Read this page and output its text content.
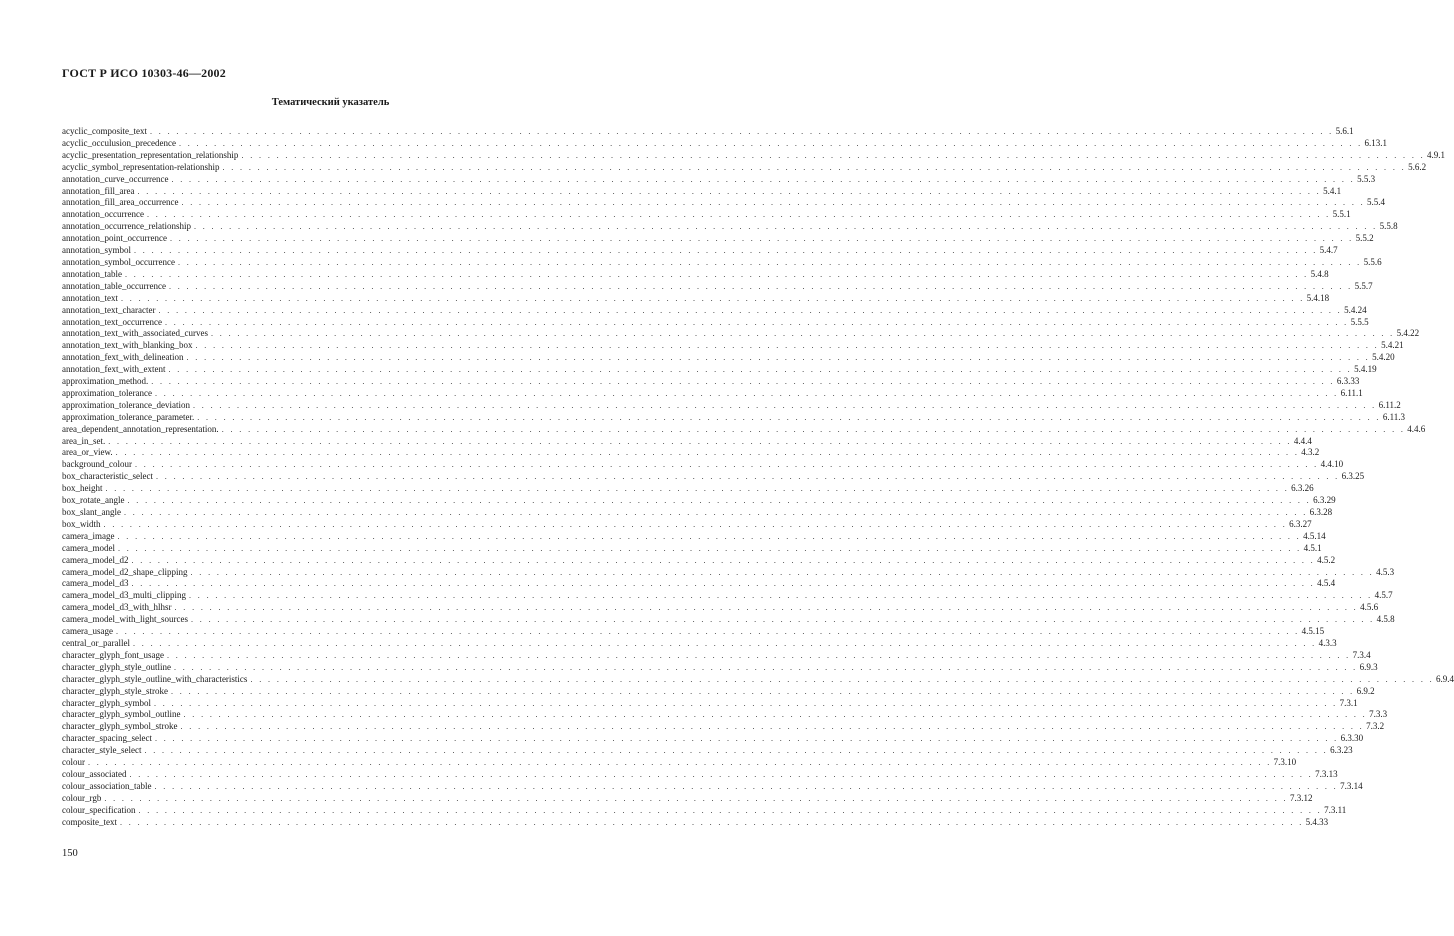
ГОСТ Р ИСО 10303-46—2002
Тематический указатель
acyclic_composite_text . . . . . . . . . . . . . . . . . . . . . . . . . . . . . . . . . . . . . . . . . . . . . . . . . . . . . . . . . . . . . . . . . . . . . . . . . . . . . . . . . . . . . . . . . . . . . . . . . . . . . . . . . . . . . . . . . . . . . . . . . . . . . . . . . . . . . . . 5.6.1
acyclic_occulusion_precedence . . . . . . . . . . . . . . . . . . . . . . . . . . . . . . . . . . . . . . . . . . . . . . . . . . . . . . . . . . . . . . . . . . . . . . . . . . . . . . . . . . . . . . . . . . . . . . . . . . . . . . . . . . . . . . . . . . . . . . . . . . . . . . . . . . . . . . . 6.13.1
acyclic_presentation_representation_relationship . . . . . . . . . . . . . . . . . . . . . . . . . . . . . . . . . . . . . . . . . . . . . . . . . . . . . . . . . . . . . . . . . . . . . . . . . . . . . . . . . . . . . . . . . . . . . . . . . . . . . . . . . . . . . . . . . . . . . . . . . . . . . . . . . . . . . . . 4.9.1
acyclic_symbol_representation-relationship . . . . . . . . . . . . . . . . . . . . . . . . . . . . . . . . . . . . . . . . . . . . . . . . . . . . . . . . . . . . . . . . . . . . . . . . . . . . . . . . . . . . . . . . . . . . . . . . . . . . . . . . . . . . . . . . . . . . . . . . . . . . . . . . . . . . . . . 5.6.2
annotation_curve_occurrence . . . . . . . . . . . . . . . . . . . . . . . . . . . . . . . . . . . . . . . . . . . . . . . . . . . . . . . . . . . . . . . . . . . . . . . . . . . . . . . . . . . . . . . . . . . . . . . . . . . . . . . . . . . . . . . . . . . . . . . . . . . . . . . . . . . . . . . 5.5.3
annotation_fill_area . . . . . . . . . . . . . . . . . . . . . . . . . . . . . . . . . . . . . . . . . . . . . . . . . . . . . . . . . . . . . . . . . . . . . . . . . . . . . . . . . . . . . . . . . . . . . . . . . . . . . . . . . . . . . . . . . . . . . . . . . . . . . . . . . . . . . . . 5.4.1
annotation_fill_area_occurrence . . . . . . . . . . . . . . . . . . . . . . . . . . . . . . . . . . . . . . . . . . . . . . . . . . . . . . . . . . . . . . . . . . . . . . . . . . . . . . . . . . . . . . . . . . . . . . . . . . . . . . . . . . . . . . . . . . . . . . . . . . . . . . . . . . . . . . . 5.5.4
annotation_occurrence . . . . . . . . . . . . . . . . . . . . . . . . . . . . . . . . . . . . . . . . . . . . . . . . . . . . . . . . . . . . . . . . . . . . . . . . . . . . . . . . . . . . . . . . . . . . . . . . . . . . . . . . . . . . . . . . . . . . . . . . . . . . . . . . . . . . . . . 5.5.1
annotation_occurrence_relationship . . . . . . . . . . . . . . . . . . . . . . . . . . . . . . . . . . . . . . . . . . . . . . . . . . . . . . . . . . . . . . . . . . . . . . . . . . . . . . . . . . . . . . . . . . . . . . . . . . . . . . . . . . . . . . . . . . . . . . . . . . . . . . . . . . . . . . . 5.5.8
annotation_point_occurrence . . . . . . . . . . . . . . . . . . . . . . . . . . . . . . . . . . . . . . . . . . . . . . . . . . . . . . . . . . . . . . . . . . . . . . . . . . . . . . . . . . . . . . . . . . . . . . . . . . . . . . . . . . . . . . . . . . . . . . . . . . . . . . . . . . . . . . . 5.5.2
annotation_symbol . . . . . . . . . . . . . . . . . . . . . . . . . . . . . . . . . . . . . . . . . . . . . . . . . . . . . . . . . . . . . . . . . . . . . . . . . . . . . . . . . . . . . . . . . . . . . . . . . . . . . . . . . . . . . . . . . . . . . . . . . . . . . . . . . . . . . . . 5.4.7
annotation_symbol_occurrence . . . . . . . . . . . . . . . . . . . . . . . . . . . . . . . . . . . . . . . . . . . . . . . . . . . . . . . . . . . . . . . . . . . . . . . . . . . . . . . . . . . . . . . . . . . . . . . . . . . . . . . . . . . . . . . . . . . . . . . . . . . . . . . . . . . . . . . 5.5.6
annotation_table . . . . . . . . . . . . . . . . . . . . . . . . . . . . . . . . . . . . . . . . . . . . . . . . . . . . . . . . . . . . . . . . . . . . . . . . . . . . . . . . . . . . . . . . . . . . . . . . . . . . . . . . . . . . . . . . . . . . . . . . . . . . . . . . . . . . . . . 5.4.8
annotation_table_occurrence . . . . . . . . . . . . . . . . . . . . . . . . . . . . . . . . . . . . . . . . . . . . . . . . . . . . . . . . . . . . . . . . . . . . . . . . . . . . . . . . . . . . . . . . . . . . . . . . . . . . . . . . . . . . . . . . . . . . . . . . . . . . . . . . . . . . . . . 5.5.7
annotation_text . . . . . . . . . . . . . . . . . . . . . . . . . . . . . . . . . . . . . . . . . . . . . . . . . . . . . . . . . . . . . . . . . . . . . . . . . . . . . . . . . . . . . . . . . . . . . . . . . . . . . . . . . . . . . . . . . . . . . . . . . . . . . . . . . . . . . . . 5.4.18
annotation_text_character . . . . . . . . . . . . . . . . . . . . . . . . . . . . . . . . . . . . . . . . . . . . . . . . . . . . . . . . . . . . . . . . . . . . . . . . . . . . . . . . . . . . . . . . . . . . . . . . . . . . . . . . . . . . . . . . . . . . . . . . . . . . . . . . . . . . . . . 5.4.24
annotation_text_occurrence . . . . . . . . . . . . . . . . . . . . . . . . . . . . . . . . . . . . . . . . . . . . . . . . . . . . . . . . . . . . . . . . . . . . . . . . . . . . . . . . . . . . . . . . . . . . . . . . . . . . . . . . . . . . . . . . . . . . . . . . . . . . . . . . . . . . . . . 5.5.5
annotation_text_with_associated_curves . . . . . . . . . . . . . . . . . . . . . . . . . . . . . . . . . . . . . . . . . . . . . . . . . . . . . . . . . . . . . . . . . . . . . . . . . . . . . . . . . . . . . . . . . . . . . . . . . . . . . . . . . . . . . . . . . . . . . . . . . . . . . . . . . . . . . . . 5.4.22
annotation_text_with_blanking_box . . . . . . . . . . . . . . . . . . . . . . . . . . . . . . . . . . . . . . . . . . . . . . . . . . . . . . . . . . . . . . . . . . . . . . . . . . . . . . . . . . . . . . . . . . . . . . . . . . . . . . . . . . . . . . . . . . . . . . . . . . . . . . . . . . . . . . . 5.4.21
annotation_fext_with_delineation . . . . . . . . . . . . . . . . . . . . . . . . . . . . . . . . . . . . . . . . . . . . . . . . . . . . . . . . . . . . . . . . . . . . . . . . . . . . . . . . . . . . . . . . . . . . . . . . . . . . . . . . . . . . . . . . . . . . . . . . . . . . . . . . . . . . . . . 5.4.20
annotation_fext_with_extent . . . . . . . . . . . . . . . . . . . . . . . . . . . . . . . . . . . . . . . . . . . . . . . . . . . . . . . . . . . . . . . . . . . . . . . . . . . . . . . . . . . . . . . . . . . . . . . . . . . . . . . . . . . . . . . . . . . . . . . . . . . . . . . . . . . . . . . 5.4.19
approximation_method. . . . . . . . . . . . . . . . . . . . . . . . . . . . . . . . . . . . . . . . . . . . . . . . . . . . . . . . . . . . . . . . . . . . . . . . . . . . . . . . . . . . . . . . . . . . . . . . . . . . . . . . . . . . . . . . . . . . . . . . . . . . . . . . . . . . . . . . 6.3.33
approximation_tolerance . . . . . . . . . . . . . . . . . . . . . . . . . . . . . . . . . . . . . . . . . . . . . . . . . . . . . . . . . . . . . . . . . . . . . . . . . . . . . . . . . . . . . . . . . . . . . . . . . . . . . . . . . . . . . . . . . . . . . . . . . . . . . . . . . . . . . . . 6.11.1
approximation_tolerance_deviation . . . . . . . . . . . . . . . . . . . . . . . . . . . . . . . . . . . . . . . . . . . . . . . . . . . . . . . . . . . . . . . . . . . . . . . . . . . . . . . . . . . . . . . . . . . . . . . . . . . . . . . . . . . . . . . . . . . . . . . . . . . . . . . . . . . . . . . 6.11.2
approximation_tolerance_parameter. . . . . . . . . . . . . . . . . . . . . . . . . . . . . . . . . . . . . . . . . . . . . . . . . . . . . . . . . . . . . . . . . . . . . . . . . . . . . . . . . . . . . . . . . . . . . . . . . . . . . . . . . . . . . . . . . . . . . . . . . . . . . . . . . . . . . . . . 6.11.3
area_dependent_annotation_representation. . . . . . . . . . . . . . . . . . . . . . . . . . . . . . . . . . . . . . . . . . . . . . . . . . . . . . . . . . . . . . . . . . . . . . . . . . . . . . . . . . . . . . . . . . . . . . . . . . . . . . . . . . . . . . . . . . . . . . . . . . . . . . . . . . . . . . . . 4.4.6
area_in_set. . . . . . . . . . . . . . . . . . . . . . . . . . . . . . . . . . . . . . . . . . . . . . . . . . . . . . . . . . . . . . . . . . . . . . . . . . . . . . . . . . . . . . . . . . . . . . . . . . . . . . . . . . . . . . . . . . . . . . . . . . . . . . . . . . . . . . . . 4.4.4
area_or_view. . . . . . . . . . . . . . . . . . . . . . . . . . . . . . . . . . . . . . . . . . . . . . . . . . . . . . . . . . . . . . . . . . . . . . . . . . . . . . . . . . . . . . . . . . . . . . . . . . . . . . . . . . . . . . . . . . . . . . . . . . . . . . . . . . . . . . . . 4.3.2
background_colour . . . . . . . . . . . . . . . . . . . . . . . . . . . . . . . . . . . . . . . . . . . . . . . . . . . . . . . . . . . . . . . . . . . . . . . . . . . . . . . . . . . . . . . . . . . . . . . . . . . . . . . . . . . . . . . . . . . . . . . . . . . . . . . . . . . . . . . 4.4.10
box_characteristic_select . . . . . . . . . . . . . . . . . . . . . . . . . . . . . . . . . . . . . . . . . . . . . . . . . . . . . . . . . . . . . . . . . . . . . . . . . . . . . . . . . . . . . . . . . . . . . . . . . . . . . . . . . . . . . . . . . . . . . . . . . . . . . . . . . . . . . . . 6.3.25
box_height . . . . . . . . . . . . . . . . . . . . . . . . . . . . . . . . . . . . . . . . . . . . . . . . . . . . . . . . . . . . . . . . . . . . . . . . . . . . . . . . . . . . . . . . . . . . . . . . . . . . . . . . . . . . . . . . . . . . . . . . . . . . . . . . . . . . . . . 6.3.26
box_rotate_angle . . . . . . . . . . . . . . . . . . . . . . . . . . . . . . . . . . . . . . . . . . . . . . . . . . . . . . . . . . . . . . . . . . . . . . . . . . . . . . . . . . . . . . . . . . . . . . . . . . . . . . . . . . . . . . . . . . . . . . . . . . . . . . . . . . . . . . . 6.3.29
box_slant_angle . . . . . . . . . . . . . . . . . . . . . . . . . . . . . . . . . . . . . . . . . . . . . . . . . . . . . . . . . . . . . . . . . . . . . . . . . . . . . . . . . . . . . . . . . . . . . . . . . . . . . . . . . . . . . . . . . . . . . . . . . . . . . . . . . . . . . . . 6.3.28
box_width . . . . . . . . . . . . . . . . . . . . . . . . . . . . . . . . . . . . . . . . . . . . . . . . . . . . . . . . . . . . . . . . . . . . . . . . . . . . . . . . . . . . . . . . . . . . . . . . . . . . . . . . . . . . . . . . . . . . . . . . . . . . . . . . . . . . . . . 6.3.27
camera_image . . . . . . . . . . . . . . . . . . . . . . . . . . . . . . . . . . . . . . . . . . . . . . . . . . . . . . . . . . . . . . . . . . . . . . . . . . . . . . . . . . . . . . . . . . . . . . . . . . . . . . . . . . . . . . . . . . . . . . . . . . . . . . . . . . . . . . . 4.5.14
camera_model . . . . . . . . . . . . . . . . . . . . . . . . . . . . . . . . . . . . . . . . . . . . . . . . . . . . . . . . . . . . . . . . . . . . . . . . . . . . . . . . . . . . . . . . . . . . . . . . . . . . . . . . . . . . . . . . . . . . . . . . . . . . . . . . . . . . . . . 4.5.1
camera_model_d2 . . . . . . . . . . . . . . . . . . . . . . . . . . . . . . . . . . . . . . . . . . . . . . . . . . . . . . . . . . . . . . . . . . . . . . . . . . . . . . . . . . . . . . . . . . . . . . . . . . . . . . . . . . . . . . . . . . . . . . . . . . . . . . . . . . . . . . . 4.5.2
camera_model_d2_shape_clipping . . . . . . . . . . . . . . . . . . . . . . . . . . . . . . . . . . . . . . . . . . . . . . . . . . . . . . . . . . . . . . . . . . . . . . . . . . . . . . . . . . . . . . . . . . . . . . . . . . . . . . . . . . . . . . . . . . . . . . . . . . . . . . . . . . . . . . . 4.5.3
camera_model_d3 . . . . . . . . . . . . . . . . . . . . . . . . . . . . . . . . . . . . . . . . . . . . . . . . . . . . . . . . . . . . . . . . . . . . . . . . . . . . . . . . . . . . . . . . . . . . . . . . . . . . . . . . . . . . . . . . . . . . . . . . . . . . . . . . . . . . . . . 4.5.4
camera_model_d3_multi_clipping . . . . . . . . . . . . . . . . . . . . . . . . . . . . . . . . . . . . . . . . . . . . . . . . . . . . . . . . . . . . . . . . . . . . . . . . . . . . . . . . . . . . . . . . . . . . . . . . . . . . . . . . . . . . . . . . . . . . . . . . . . . . . . . . . . . . . . . 4.5.7
camera_model_d3_with_hlhsr . . . . . . . . . . . . . . . . . . . . . . . . . . . . . . . . . . . . . . . . . . . . . . . . . . . . . . . . . . . . . . . . . . . . . . . . . . . . . . . . . . . . . . . . . . . . . . . . . . . . . . . . . . . . . . . . . . . . . . . . . . . . . . . . . . . . . . . 4.5.6
camera_model_with_light_sources . . . . . . . . . . . . . . . . . . . . . . . . . . . . . . . . . . . . . . . . . . . . . . . . . . . . . . . . . . . . . . . . . . . . . . . . . . . . . . . . . . . . . . . . . . . . . . . . . . . . . . . . . . . . . . . . . . . . . . . . . . . . . . . . . . . . . . . 4.5.8
camera_usage . . . . . . . . . . . . . . . . . . . . . . . . . . . . . . . . . . . . . . . . . . . . . . . . . . . . . . . . . . . . . . . . . . . . . . . . . . . . . . . . . . . . . . . . . . . . . . . . . . . . . . . . . . . . . . . . . . . . . . . . . . . . . . . . . . . . . . . 4.5.15
central_or_parallel . . . . . . . . . . . . . . . . . . . . . . . . . . . . . . . . . . . . . . . . . . . . . . . . . . . . . . . . . . . . . . . . . . . . . . . . . . . . . . . . . . . . . . . . . . . . . . . . . . . . . . . . . . . . . . . . . . . . . . . . . . . . . . . . . . . . . . . 4.3.3
character_glyph_font_usage . . . . . . . . . . . . . . . . . . . . . . . . . . . . . . . . . . . . . . . . . . . . . . . . . . . . . . . . . . . . . . . . . . . . . . . . . . . . . . . . . . . . . . . . . . . . . . . . . . . . . . . . . . . . . . . . . . . . . . . . . . . . . . . . . . . . . . . 7.3.4
character_glyph_style_outline . . . . . . . . . . . . . . . . . . . . . . . . . . . . . . . . . . . . . . . . . . . . . . . . . . . . . . . . . . . . . . . . . . . . . . . . . . . . . . . . . . . . . . . . . . . . . . . . . . . . . . . . . . . . . . . . . . . . . . . . . . . . . . . . . . . . . . . 6.9.3
character_glyph_style_outline_with_characteristics . . . . . . . . . . . . . . . . . . . . . . . . . . . . . . . . . . . . . . . . . . . . . . . . . . . . . . . . . . . . . . . . . . . . . . . . . . . . . . . . . . . . . . . . . . . . . . . . . . . . . . . . . . . . . . . . . . . . . . . . . . . . . . . . . . . . . . . 6.9.4
character_glyph_style_stroke . . . . . . . . . . . . . . . . . . . . . . . . . . . . . . . . . . . . . . . . . . . . . . . . . . . . . . . . . . . . . . . . . . . . . . . . . . . . . . . . . . . . . . . . . . . . . . . . . . . . . . . . . . . . . . . . . . . . . . . . . . . . . . . . . . . . . . . 6.9.2
character_glyph_symbol . . . . . . . . . . . . . . . . . . . . . . . . . . . . . . . . . . . . . . . . . . . . . . . . . . . . . . . . . . . . . . . . . . . . . . . . . . . . . . . . . . . . . . . . . . . . . . . . . . . . . . . . . . . . . . . . . . . . . . . . . . . . . . . . . . . . . . . 7.3.1
character_glyph_symbol_outline . . . . . . . . . . . . . . . . . . . . . . . . . . . . . . . . . . . . . . . . . . . . . . . . . . . . . . . . . . . . . . . . . . . . . . . . . . . . . . . . . . . . . . . . . . . . . . . . . . . . . . . . . . . . . . . . . . . . . . . . . . . . . . . . . . . . . . . 7.3.3
character_glyph_symbol_stroke . . . . . . . . . . . . . . . . . . . . . . . . . . . . . . . . . . . . . . . . . . . . . . . . . . . . . . . . . . . . . . . . . . . . . . . . . . . . . . . . . . . . . . . . . . . . . . . . . . . . . . . . . . . . . . . . . . . . . . . . . . . . . . . . . . . . . . . 7.3.2
character_spacing_select . . . . . . . . . . . . . . . . . . . . . . . . . . . . . . . . . . . . . . . . . . . . . . . . . . . . . . . . . . . . . . . . . . . . . . . . . . . . . . . . . . . . . . . . . . . . . . . . . . . . . . . . . . . . . . . . . . . . . . . . . . . . . . . . . . . . . . . 6.3.30
character_style_select . . . . . . . . . . . . . . . . . . . . . . . . . . . . . . . . . . . . . . . . . . . . . . . . . . . . . . . . . . . . . . . . . . . . . . . . . . . . . . . . . . . . . . . . . . . . . . . . . . . . . . . . . . . . . . . . . . . . . . . . . . . . . . . . . . . . . . . 6.3.23
colour . . . . . . . . . . . . . . . . . . . . . . . . . . . . . . . . . . . . . . . . . . . . . . . . . . . . . . . . . . . . . . . . . . . . . . . . . . . . . . . . . . . . . . . . . . . . . . . . . . . . . . . . . . . . . . . . . . . . . . . . . . . . . . . . . . . . . . . 7.3.10
colour_associated . . . . . . . . . . . . . . . . . . . . . . . . . . . . . . . . . . . . . . . . . . . . . . . . . . . . . . . . . . . . . . . . . . . . . . . . . . . . . . . . . . . . . . . . . . . . . . . . . . . . . . . . . . . . . . . . . . . . . . . . . . . . . . . . . . . . . . . 7.3.13
colour_association_table . . . . . . . . . . . . . . . . . . . . . . . . . . . . . . . . . . . . . . . . . . . . . . . . . . . . . . . . . . . . . . . . . . . . . . . . . . . . . . . . . . . . . . . . . . . . . . . . . . . . . . . . . . . . . . . . . . . . . . . . . . . . . . . . . . . . . . . 7.3.14
colour_rgb . . . . . . . . . . . . . . . . . . . . . . . . . . . . . . . . . . . . . . . . . . . . . . . . . . . . . . . . . . . . . . . . . . . . . . . . . . . . . . . . . . . . . . . . . . . . . . . . . . . . . . . . . . . . . . . . . . . . . . . . . . . . . . . . . . . . . . . 7.3.12
colour_specification . . . . . . . . . . . . . . . . . . . . . . . . . . . . . . . . . . . . . . . . . . . . . . . . . . . . . . . . . . . . . . . . . . . . . . . . . . . . . . . . . . . . . . . . . . . . . . . . . . . . . . . . . . . . . . . . . . . . . . . . . . . . . . . . . . . . . . . 7.3.11
composite_text . . . . . . . . . . . . . . . . . . . . . . . . . . . . . . . . . . . . . . . . . . . . . . . . . . . . . . . . . . . . . . . . . . . . . . . . . . . . . . . . . . . . . . . . . . . . . . . . . . . . . . . . . . . . . . . . . . . . . . . . . . . . . . . . . . . . . . . 5.4.33
150
